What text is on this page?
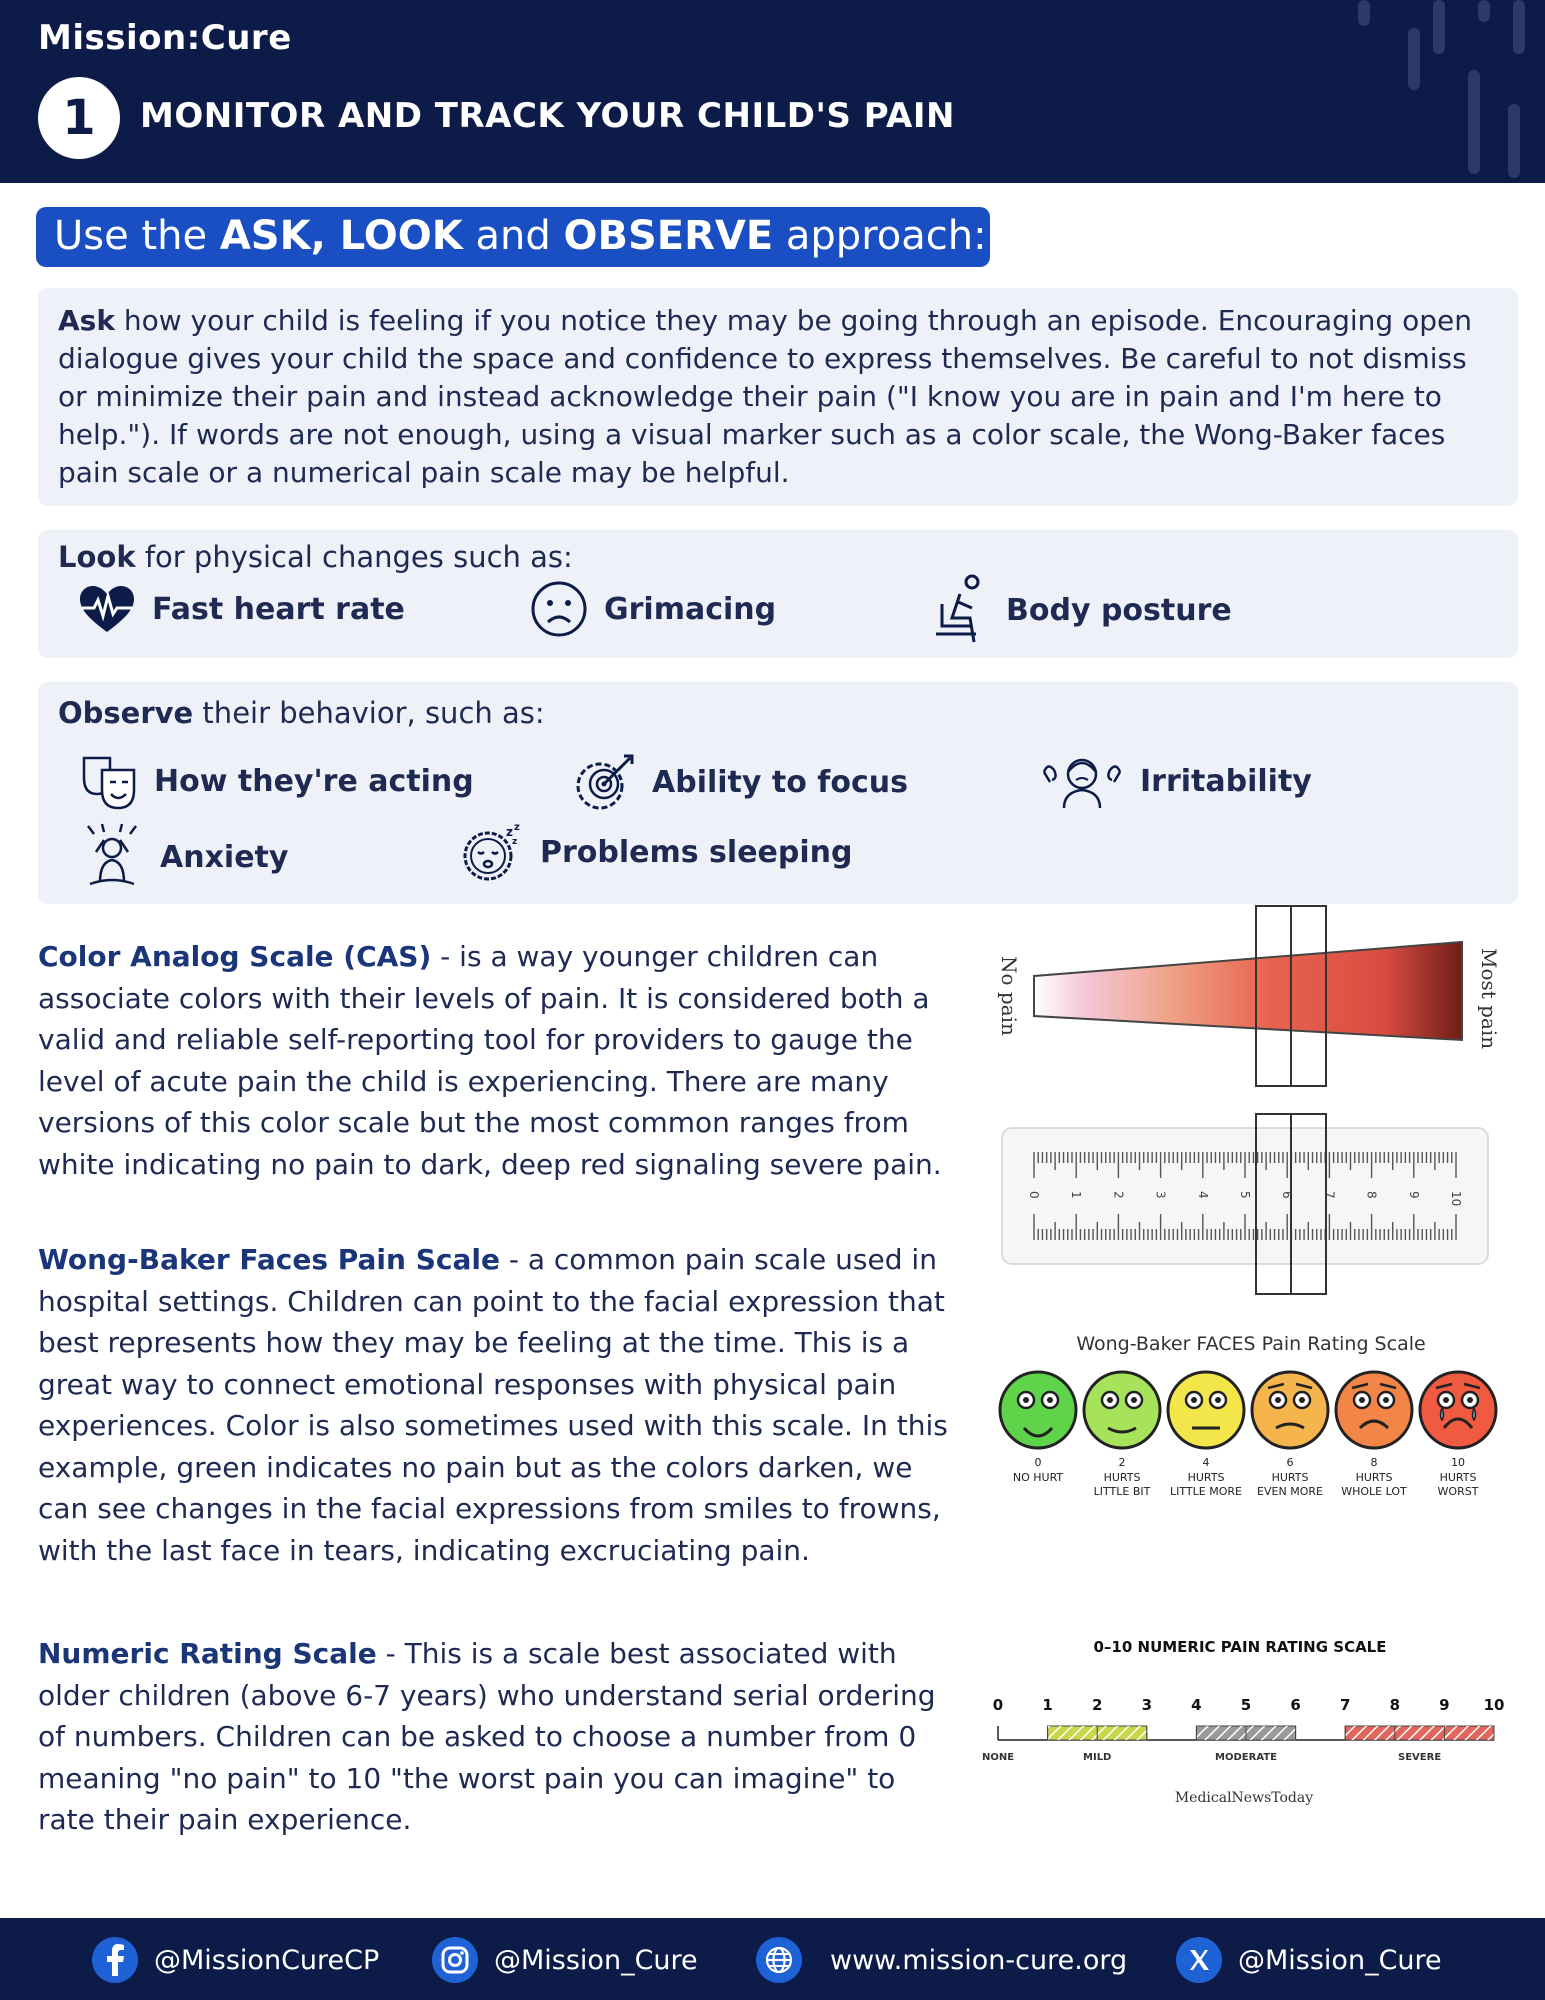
Mission:Cure
1	MONITOR AND TRACK YOUR CHILD'S PAIN
Use the ASK, LOOK and OBSERVE approach:
Ask how your child is feeling if you notice they may be going through an episode. Encouraging open dialogue gives your child the space and confidence to express themselves. Be careful to not dismiss or minimize their pain and instead acknowledge their pain ("I know you are in pain and I'm here to help."). If words are not enough, using a visual marker such as a color scale, the Wong-Baker faces pain scale or a numerical pain scale may be helpful.
Look for physical changes such as:
Fast heart rate	Grimacing	Body posture
Observe their behavior, such as:
How they're acting	Ability to focus	Irritability
Anxiety
z z
z Problems sleeping
Color Analog Scale (CAS) - is a way younger children can associate colors with their levels of pain. It is considered both a valid and reliable self-reporting tool for providers to gauge the level of acute pain the child is experiencing. There are many versions of this color scale but the most common ranges from white indicating no pain to dark, deep red signaling severe pain.
Wong-Baker Faces Pain Scale - a common pain scale used in hospital settings. Children can point to the facial expression that best represents how they may be feeling at the time. This is a great way to connect emotional responses with physical pain experiences. Color is also sometimes used with this scale. In this example, green indicates no pain but as the colors darken, we can see changes in the facial expressions from smiles to frowns, with the last face in tears, indicating excruciating pain.
Numeric Rating Scale - This is a scale best associated with older children (above 6-7 years) who understand serial ordering of numbers. Children can be asked to choose a number from 0 meaning "no pain" to 10 "the worst pain you can imagine" to rate their pain experience.
No pain	Most pain
0 1 2 3 4 5 6 7 8 9 10
Wong-Baker FACES Pain Rating Scale
0
NO HURT
2
HURTS
LITTLE BIT
4
HURTS
LITTLE MORE
6
HURTS
EVEN MORE
8
HURTS
WHOLE LOT
10
HURTS
WORST
0–10 NUMERIC PAIN RATING SCALE
0	1	2	3	4	5	6	7	8	9 10
NONE	MILD	MODERATE	SEVERE
MedicalNewsToday
@MissionCureCP	@Mission_Cure	www.mission-cure.org	@Mission_Cure
